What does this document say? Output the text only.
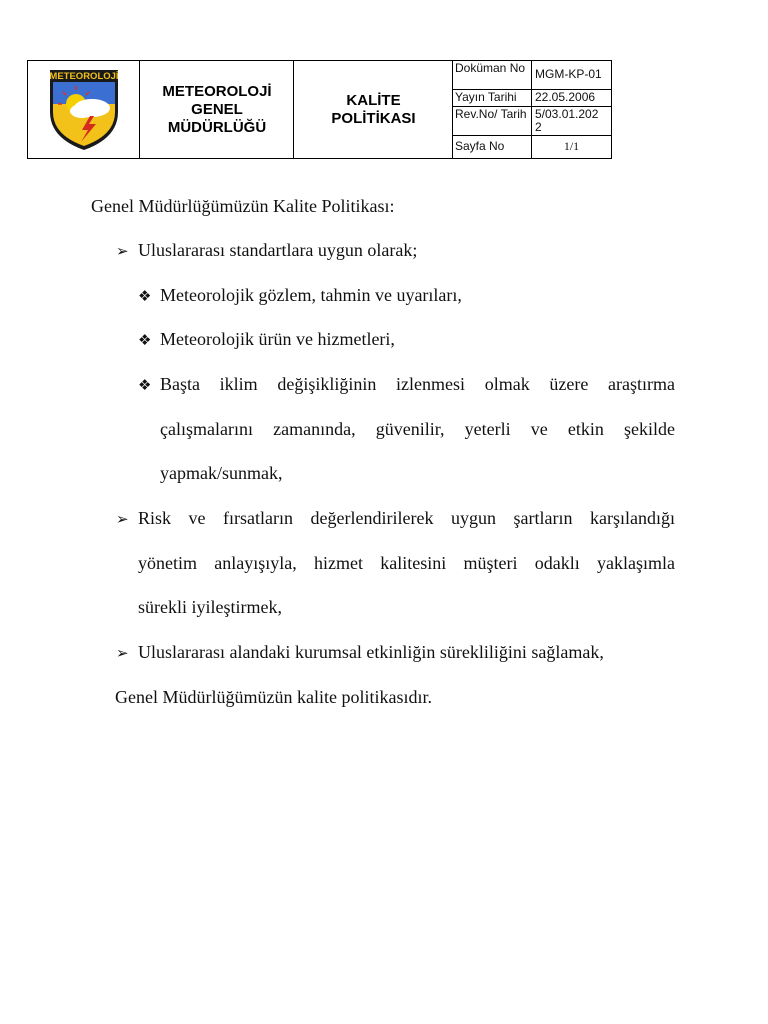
METEOROLOJİ
METEOROLOJİ
GENEL
MÜDÜRLÜĞÜ
KALİTE
POLİTİKASI
Doküman No MGM-KP-01
Yayın Tarihi	22.05.2006
Rev.No/ Tarih 5/03.01.2022
Sayfa No	1/1
Genel Müdürlüğümüzün Kalite Politikası:
➢ Uluslararası standartlara uygun olarak;
❖ Meteorolojik gözlem, tahmin ve uyarıları,
❖ Meteorolojik ürün ve hizmetleri,
❖ Başta iklim değişikliğinin izlenmesi olmak üzere araştırma
çalışmalarını zamanında, güvenilir, yeterli ve etkin şekilde
yapmak/sunmak,
➢ Risk ve fırsatların değerlendirilerek uygun şartların karşılandığı
yönetim anlayışıyla, hizmet kalitesini müşteri odaklı yaklaşımla
sürekli iyileştirmek,
➢ Uluslararası alandaki kurumsal etkinliğin sürekliliğini sağlamak,
Genel Müdürlüğümüzün kalite politikasıdır.
